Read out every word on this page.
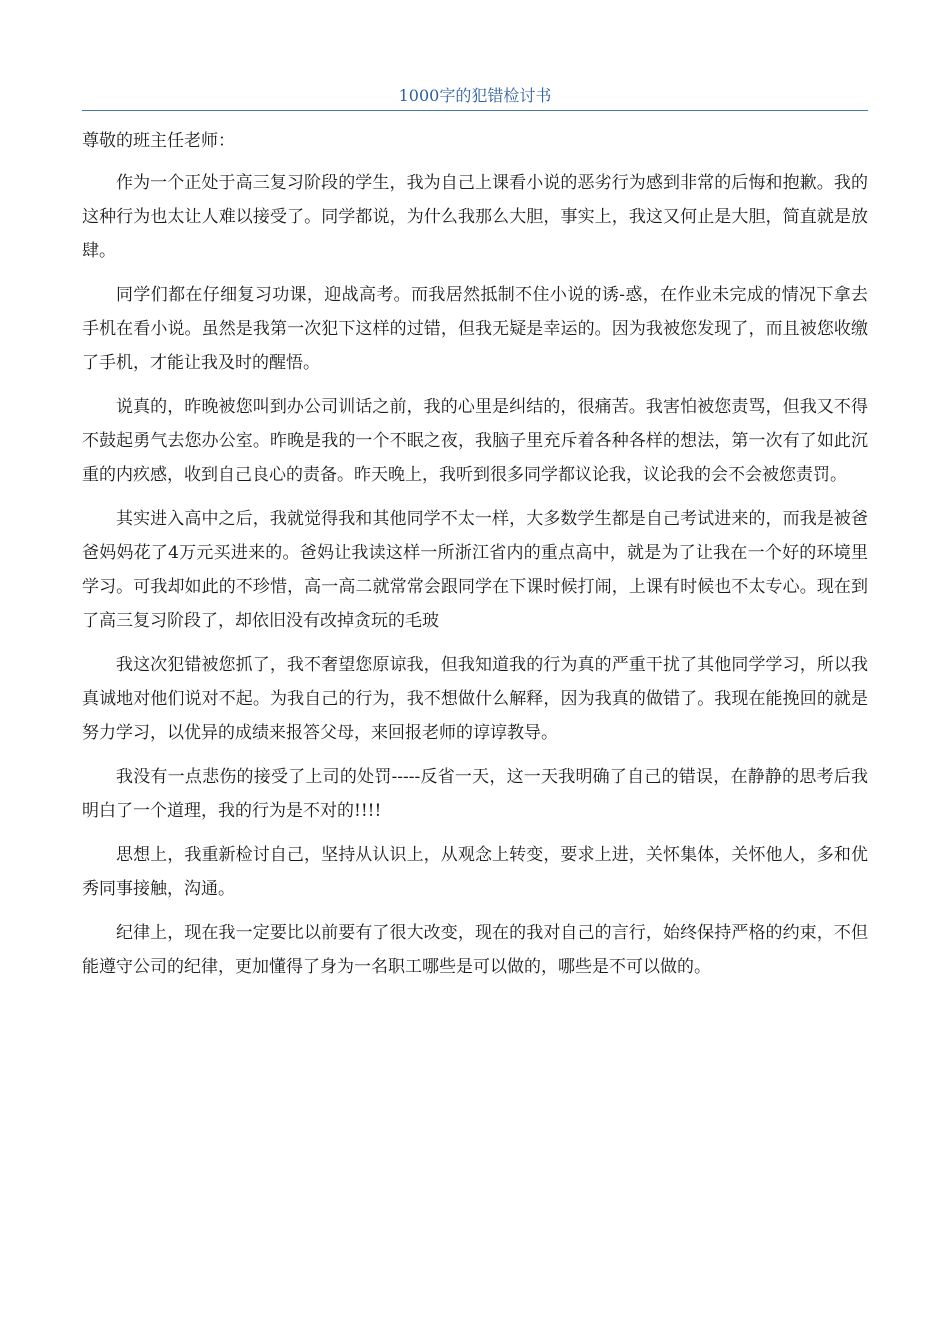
1000字的犯错检讨书

尊敬的班主任老师：

作为一个正处于高三复习阶段的学生，我为自己上课看小说的恶劣行为感到非常的后悔和抱歉。我的这种行为也太让人难以接受了。同学都说，为什么我那么大胆，事实上，我这又何止是大胆，简直就是放肆。

同学们都在仔细复习功课，迎战高考。而我居然抵制不住小说的诱-惑，在作业未完成的情况下拿去手机在看小说。虽然是我第一次犯下这样的过错，但我无疑是幸运的。因为我被您发现了，而且被您收缴了手机，才能让我及时的醒悟。

说真的，昨晚被您叫到办公司训话之前，我的心里是纠结的，很痛苦。我害怕被您责骂，但我又不得不鼓起勇气去您办公室。昨晚是我的一个不眠之夜，我脑子里充斥着各种各样的想法，第一次有了如此沉重的内疚感，收到自己良心的责备。昨天晚上，我听到很多同学都议论我，议论我的会不会被您责罚。

其实进入高中之后，我就觉得我和其他同学不太一样，大多数学生都是自己考试进来的，而我是被爸爸妈妈花了4万元买进来的。爸妈让我读这样一所浙江省内的重点高中，就是为了让我在一个好的环境里学习。可我却如此的不珍惜，高一高二就常常会跟同学在下课时候打闹，上课有时候也不太专心。现在到了高三复习阶段了，却依旧没有改掉贪玩的毛玻

我这次犯错被您抓了，我不奢望您原谅我，但我知道我的行为真的严重干扰了其他同学学习，所以我真诚地对他们说对不起。为我自己的行为，我不想做什么解释，因为我真的做错了。我现在能挽回的就是努力学习，以优异的成绩来报答父母，来回报老师的谆谆教导。

我没有一点悲伤的接受了上司的处罚-----反省一天，这一天我明确了自己的错误，在静静的思考后我明白了一个道理，我的行为是不对的!!!!

思想上，我重新检讨自己，坚持从认识上，从观念上转变，要求上进，关怀集体，关怀他人，多和优秀同事接触，沟通。

纪律上，现在我一定要比以前要有了很大改变，现在的我对自己的言行，始终保持严格的约束，不但能遵守公司的纪律，更加懂得了身为一名职工哪些是可以做的，哪些是不可以做的。
